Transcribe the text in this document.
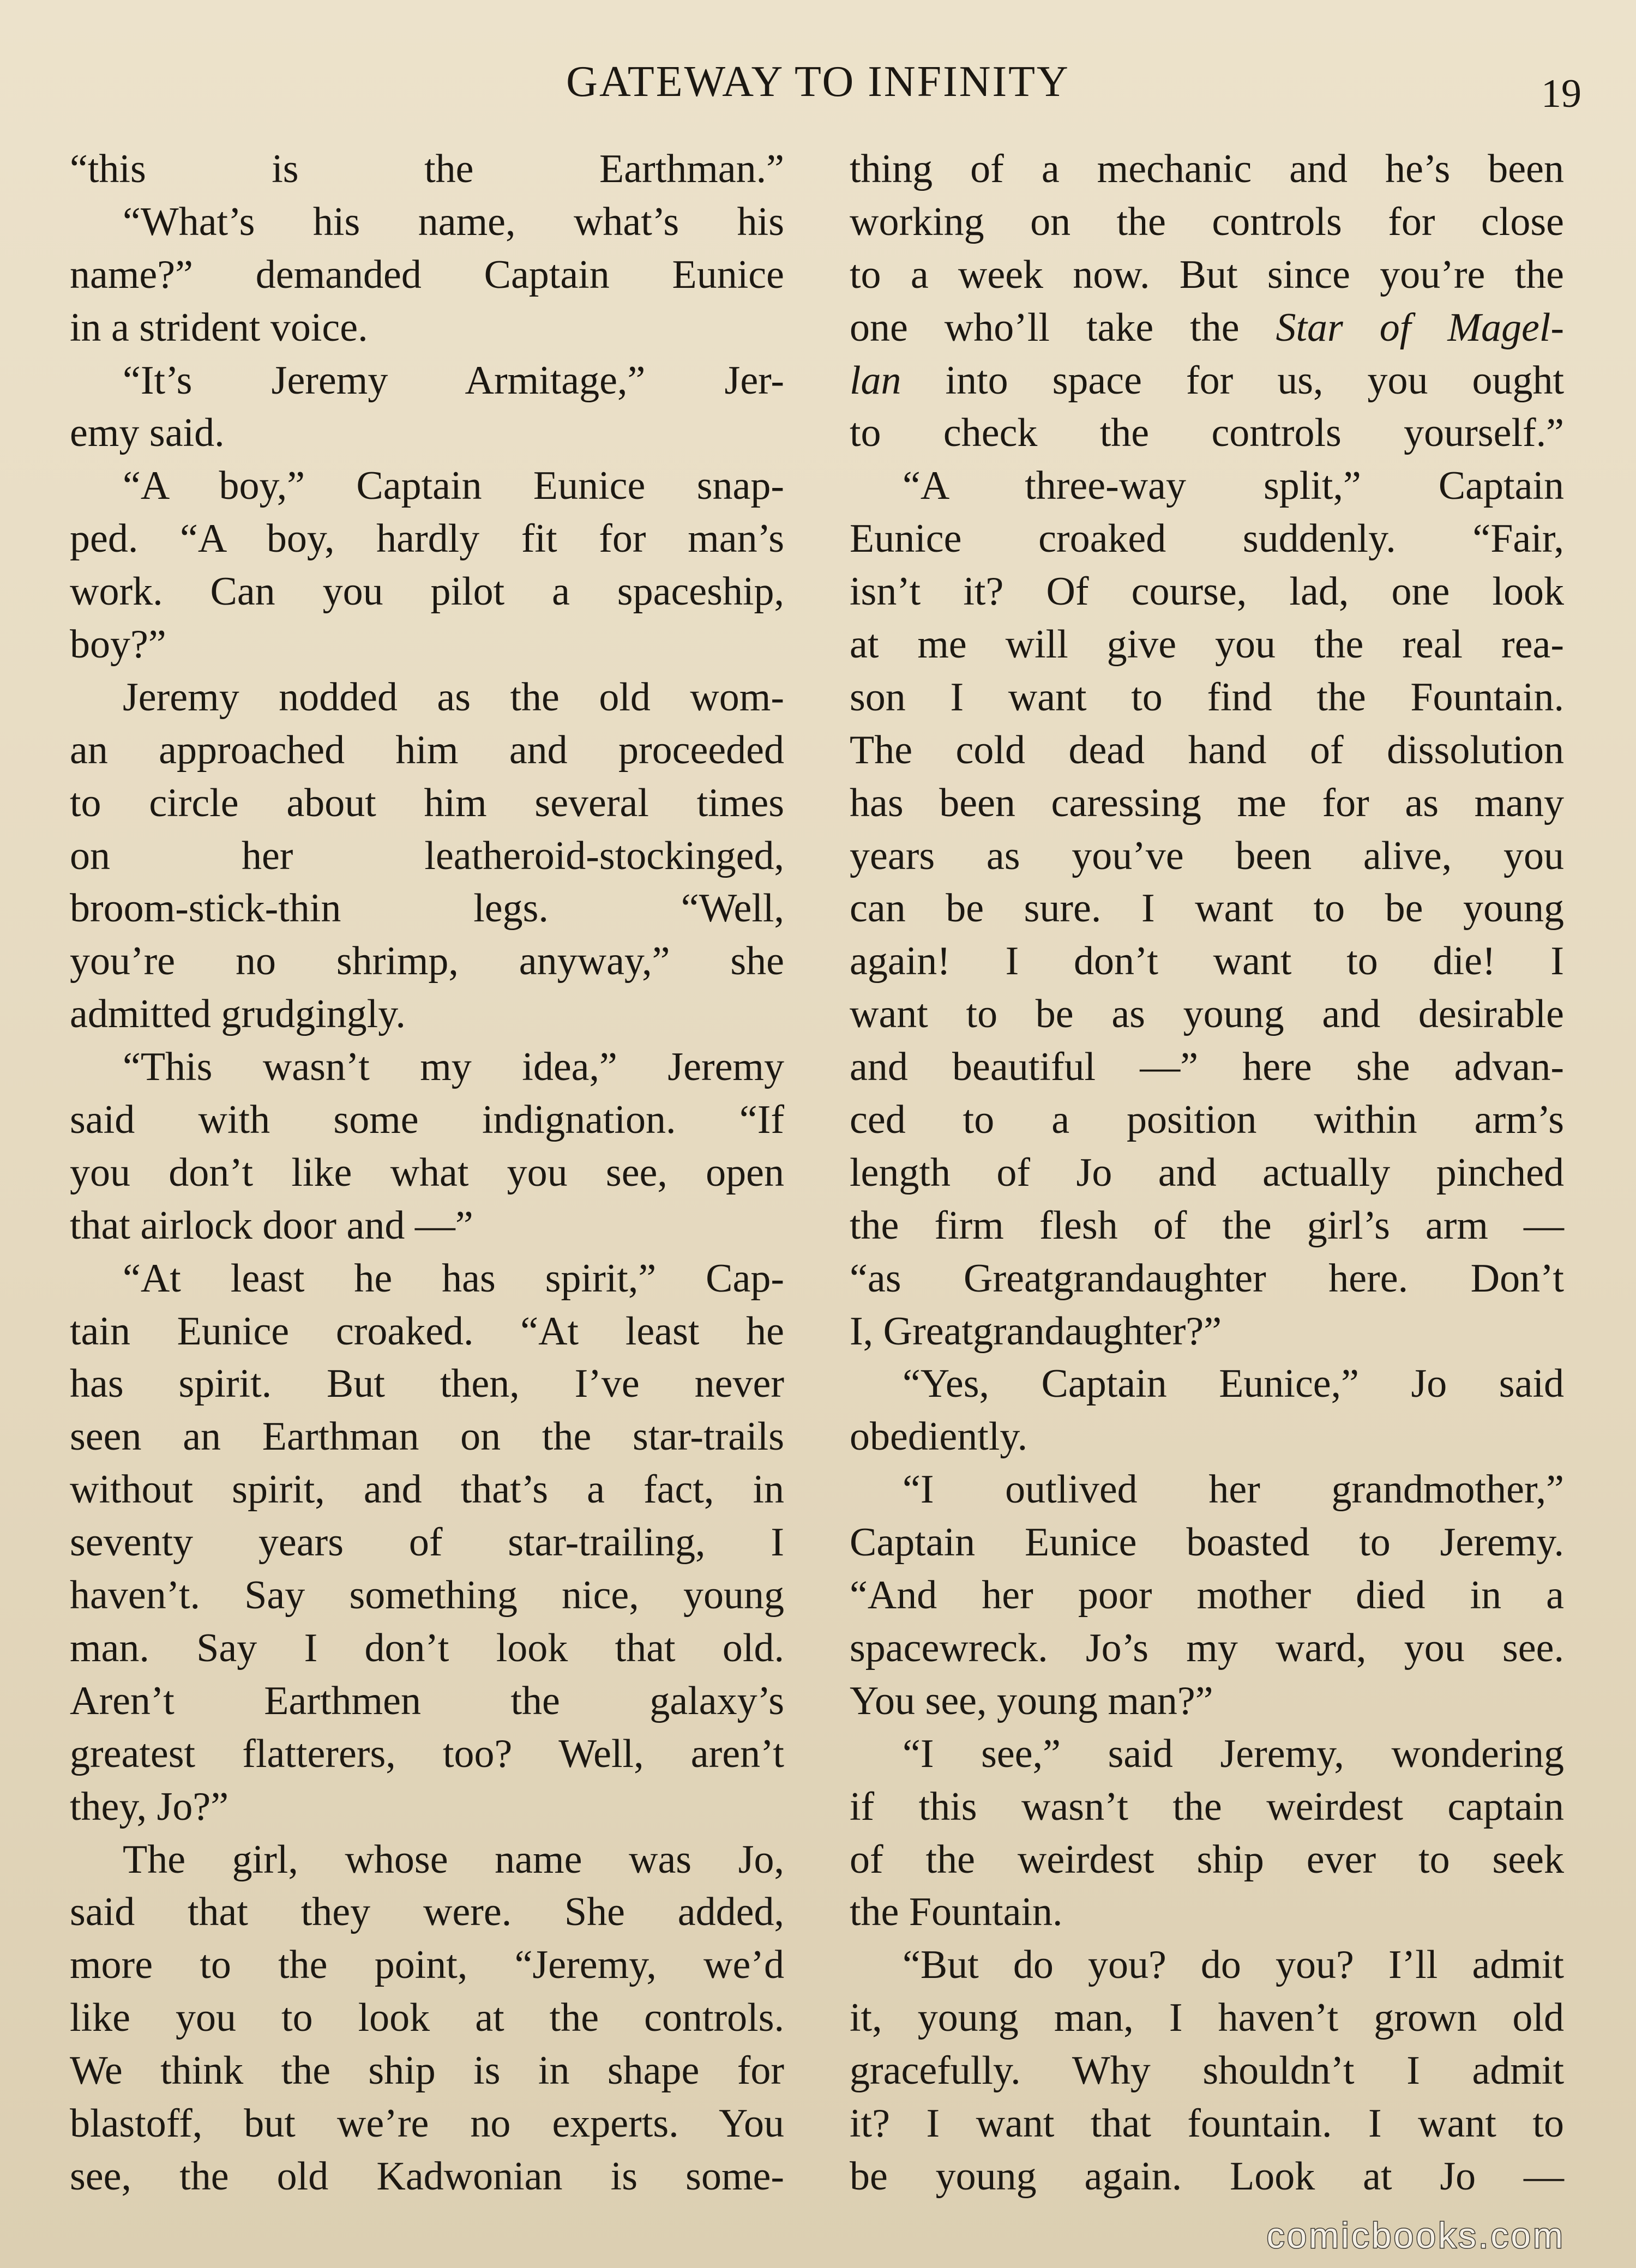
GATEWAY TO INFINITY	19
“this is the Earthman.”
“What’s his name, what’s his
name?” demanded Captain Eunice
in a strident voice.
“It’s Jeremy Armitage,” Jer-
emy said.
“A boy,” Captain Eunice snap-
ped. “A boy, hardly fit for man’s
work. Can you pilot a spaceship,
boy?”
Jeremy nodded as the old wom-
an approached him and proceeded
to circle about him several times
on her leatheroid-stockinged,
broom-stick-thin legs. “Well,
you’re no shrimp, anyway,” she
admitted grudgingly.
“This wasn’t my idea,” Jeremy
said with some indignation. “If
you don’t like what you see, open
that airlock door and —”
“At least he has spirit,” Cap-
tain Eunice croaked. “At least he
has spirit. But then, I’ve never
seen an Earthman on the star-trails
without spirit, and that’s a fact, in
seventy years of star-trailing, I
haven’t. Say something nice, young
man. Say I don’t look that old.
Aren’t Earthmen the galaxy’s
greatest flatterers, too? Well, aren’t
they, Jo?”
The girl, whose name was Jo,
said that they were. She added,
more to the point, “Jeremy, we’d
like you to look at the controls.
We think the ship is in shape for
blastoff, but we’re no experts. You
see, the old Kadwonian is some-
thing of a mechanic and he’s been
working on the controls for close
to a week now. But since you’re the
one who’ll take the Star of Magel-
lan into space for us, you ought
to check the controls yourself.”
“A three-way split,” Captain
Eunice croaked suddenly. “Fair,
isn’t it? Of course, lad, one look
at me will give you the real rea-
son I want to find the Fountain.
The cold dead hand of dissolution
has been caressing me for as many
years as you’ve been alive, you
can be sure. I want to be young
again! I don’t want to die! I
want to be as young and desirable
and beautiful —” here she advan-
ced to a position within arm’s
length of Jo and actually pinched
the firm flesh of the girl’s arm —
“as Greatgrandaughter here. Don’t
I, Greatgrandaughter?”
“Yes, Captain Eunice,” Jo said
obediently.
“I outlived her grandmother,”
Captain Eunice boasted to Jeremy.
“And her poor mother died in a
spacewreck. Jo’s my ward, you see.
You see, young man?”
“I see,” said Jeremy, wondering
if this wasn’t the weirdest captain
of the weirdest ship ever to seek
the Fountain.
“But do you? do you? I’ll admit
it, young man, I haven’t grown old
gracefully. Why shouldn’t I admit
it? I want that fountain. I want to
be young again. Look at Jo —
comicbooks.com
